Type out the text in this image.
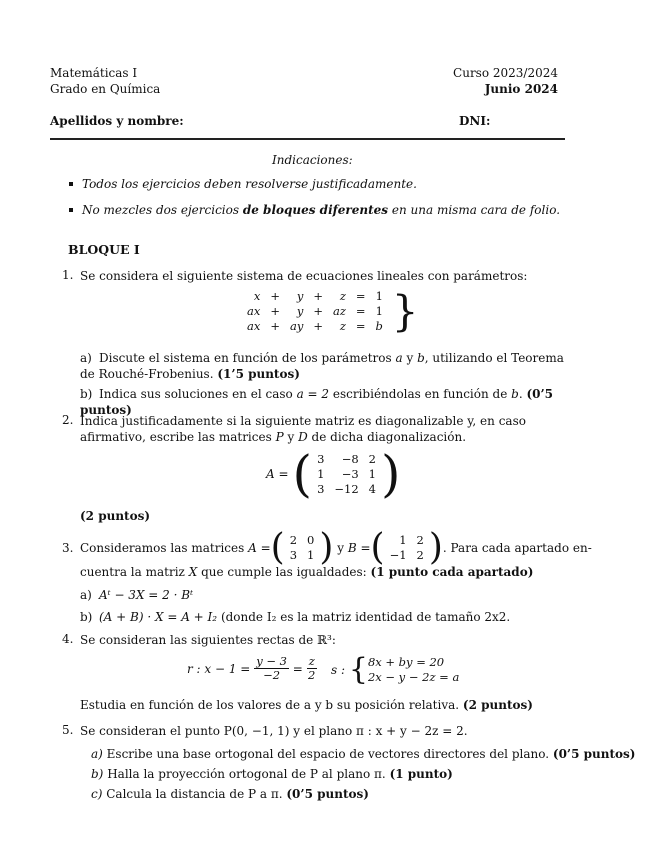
Matemáticas I
Grado en Química
Curso 2023/2024
Junio 2024
Apellidos y nombre:	DNI:
Indicaciones:
Todos los ejercicios deben resolverse justificadamente.
No mezcles dos ejercicios de bloques diferentes en una misma cara de folio.
BLOQUE I
1. Se considera el siguiente sistema de ecuaciones lineales con parámetros:
x	+	y	+	z	=	1
ax	+	y	+	az	=	1
ax	+	ay	+	z	=	b }
a) Discute el sistema en función de los parámetros a y b, utilizando el Teorema de Rouché-Frobenius. (1’5 puntos)
b) Indica sus soluciones en el caso a = 2 escribiéndolas en función de b. (0’5 puntos)
2. Indica justificadamente si la siguiente matriz es diagonalizable y, en caso afirmativo, escribe las matrices P y D de dicha diagonalización.
A = ( 3	−8	2
1	−3	1
3	−12	4 )
(2 puntos)
3. Consideramos las matrices
A = ( 2	0
3	1 )
y
B = ( 1	2
−1	2 ) . Para cada apartado en-
cuentra la matriz X que cumple las igualdades: (1 punto cada apartado)
a) Aᵗ − 3X = 2 · Bᵗ
b) (A + B) · X = A + I₂ (donde I₂ es la matriz identidad de tamaño 2x2.
4. Se consideran las siguientes rectas de ℝ³:
r : x − 1 =
$\frac{y - 3}{-2}$
=
$\frac{z}{2}$ s :
{ 8x + by = 20
2x − y − 2z = a
Estudia en función de los valores de a y b su posición relativa. (2 puntos)
5. Se consideran el punto P(0, −1, 1) y el plano π : x + y − 2z = 2.
a) Escribe una base ortogonal del espacio de vectores directores del plano. (0’5 puntos)
b) Halla la proyección ortogonal de P al plano π. (1 punto)
c) Calcula la distancia de P a π. (0’5 puntos)
